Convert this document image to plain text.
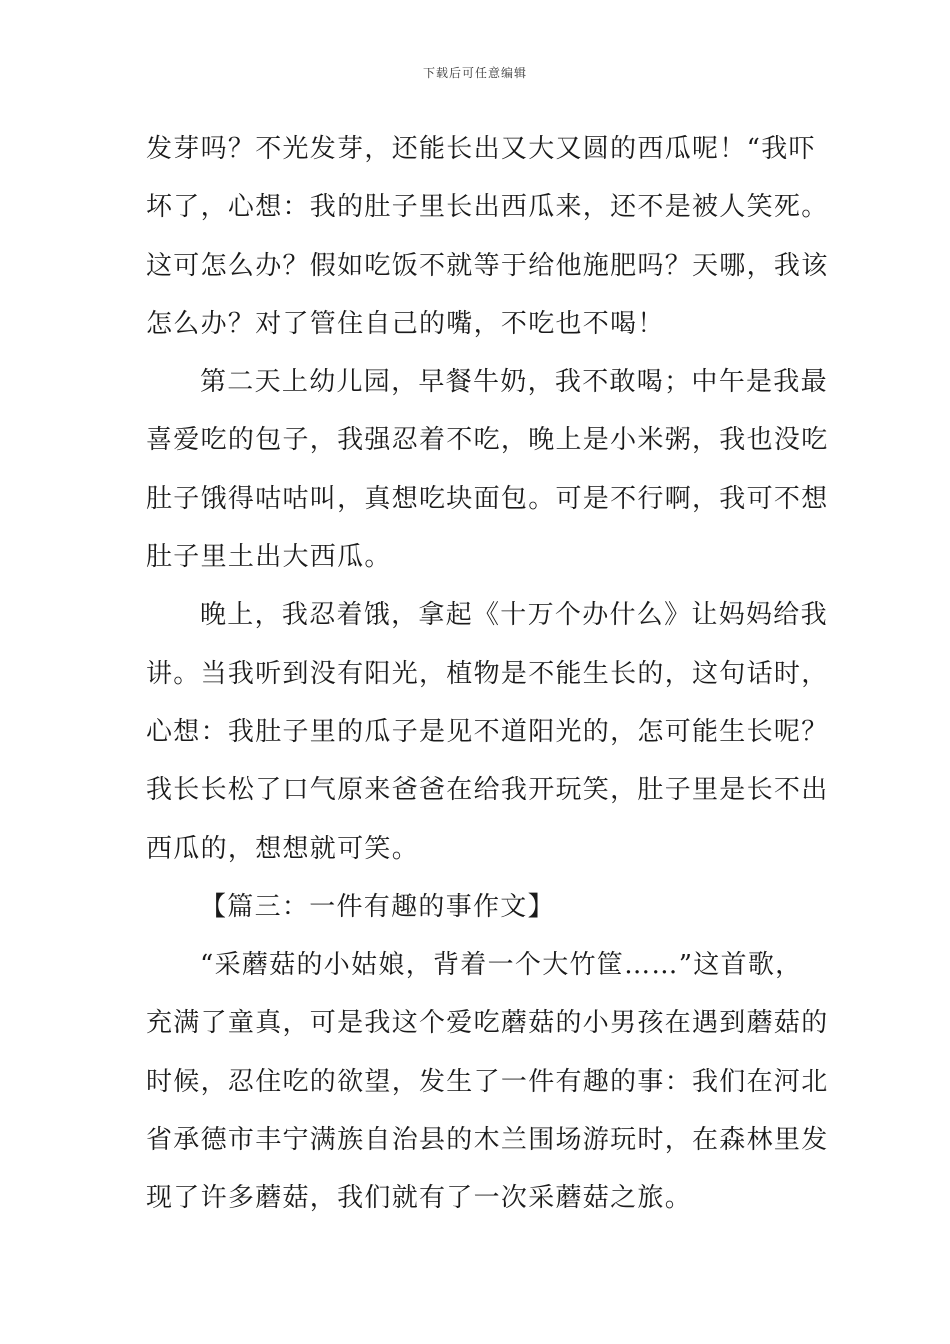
下载后可任意编辑
发芽吗？不光发芽，还能长出又大又圆的西瓜呢！“我吓
坏了，心想：我的肚子里长出西瓜来，还不是被人笑死。
这可怎么办？假如吃饭不就等于给他施肥吗？天哪，我该
怎么办？对了管住自己的嘴，不吃也不喝！
第二天上幼儿园，早餐牛奶，我不敢喝；中午是我最
喜爱吃的包子，我强忍着不吃，晚上是小米粥，我也没吃
肚子饿得咕咕叫，真想吃块面包。可是不行啊，我可不想
肚子里土出大西瓜。
晚上，我忍着饿，拿起《十万个办什么》让妈妈给我
讲。当我听到没有阳光，植物是不能生长的，这句话时，
心想：我肚子里的瓜子是见不道阳光的，怎可能生长呢？
我长长松了口气原来爸爸在给我开玩笑，肚子里是长不出
西瓜的，想想就可笑。
【篇三：一件有趣的事作文】
“采蘑菇的小姑娘，背着一个大竹筐……”这首歌，
充满了童真，可是我这个爱吃蘑菇的小男孩在遇到蘑菇的
时候，忍住吃的欲望，发生了一件有趣的事：我们在河北
省承德市丰宁满族自治县的木兰围场游玩时，在森林里发
现了许多蘑菇，我们就有了一次采蘑菇之旅。
